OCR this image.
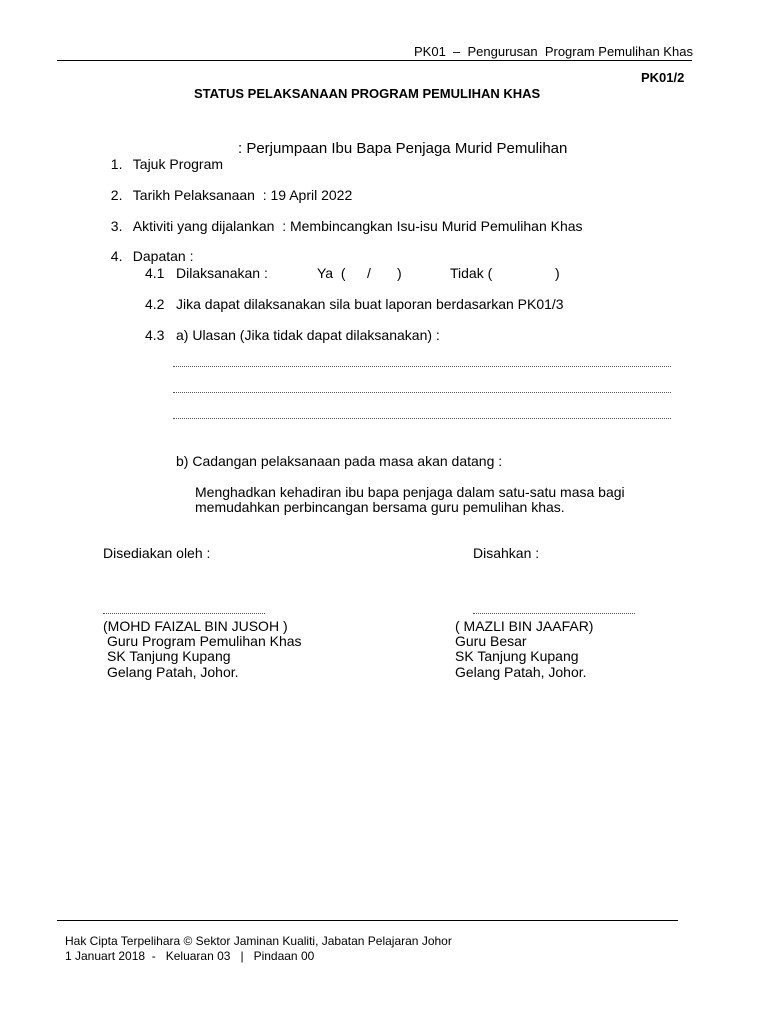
PK01  –  Pengurusan  Program Pemulihan Khas
PK01/2
STATUS PELAKSANAAN PROGRAM PEMULIHAN KHAS

1. Tajuk Program

: Perjumpaan Ibu Bapa Penjaga Murid Pemulihan

2. Tarikh Pelaksanaan  : 19 April 2022

3. Aktiviti yang dijalankan  : Membincangkan Isu-isu Murid Pemulihan Khas

4. Dapatan :

4.1 Dilaksanakan :	Ya  ( / )	Tidak (	)
4.2 Jika dapat dilaksanakan sila buat laporan berdasarkan PK01/3
4.3 a) Ulasan (Jika tidak dapat dilaksanakan) :
b) Cadangan pelaksanaan pada masa akan datang :
Menghadkan kehadiran ibu bapa penjaga dalam satu-satu masa bagi
memudahkan perbincangan bersama guru pemulihan khas.
Disediakan oleh :
(MOHD FAIZAL BIN JUSOH )
Guru Program Pemulihan Khas
SK Tanjung Kupang
Gelang Patah, Johor.
Disahkan :
( MAZLI BIN JAAFAR)
Guru Besar
SK Tanjung Kupang
Gelang Patah, Johor.
Hak Cipta Terpelihara © Sektor Jaminan Kualiti, Jabatan Pelajaran Johor
1 Januart 2018  -   Keluaran 03   |   Pindaan 00
